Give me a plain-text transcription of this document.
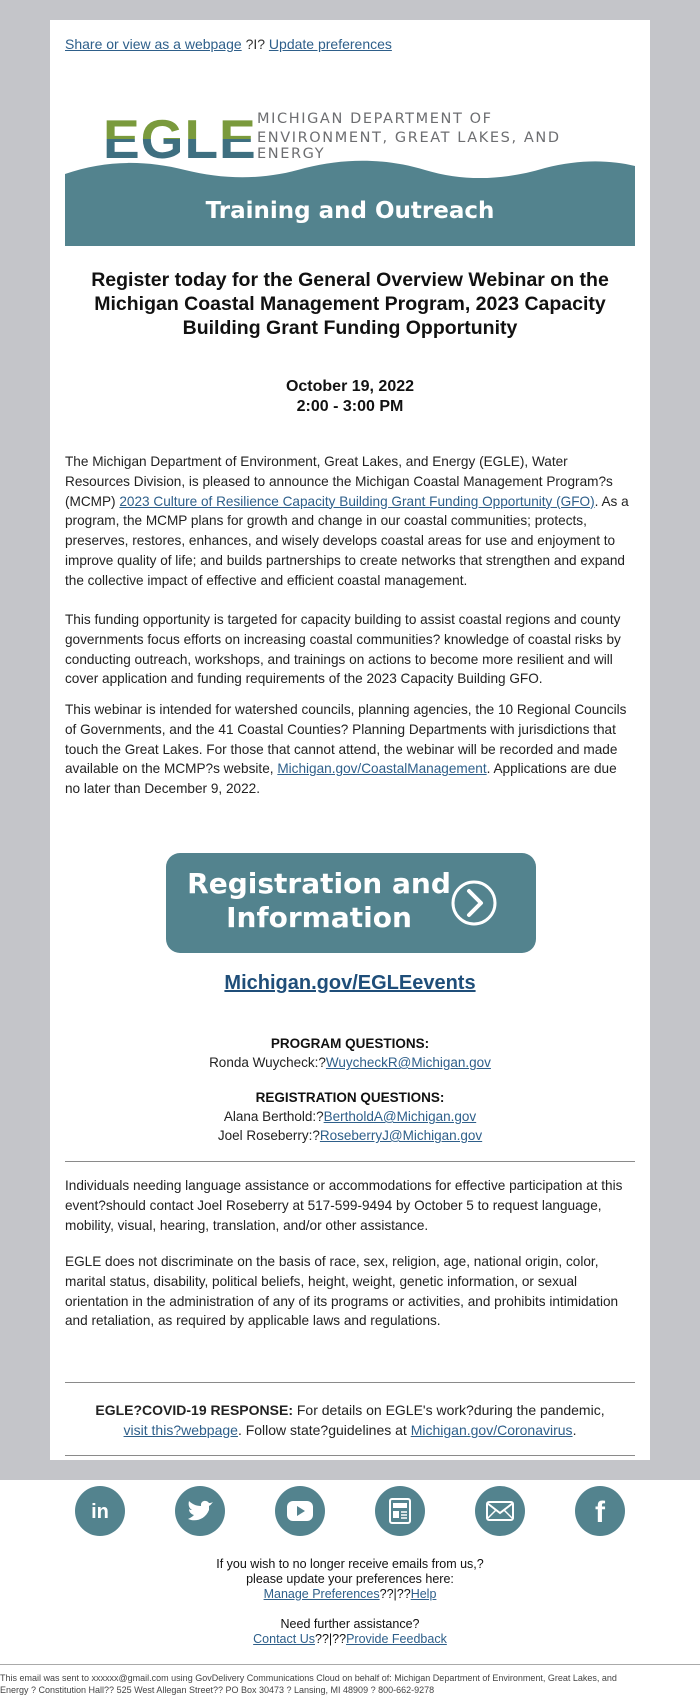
Share or view as a webpage ?I? Update preferences
EGLE MICHIGAN DEPARTMENT OF
ENVIRONMENT, GREAT LAKES, AND ENERGY
Training and Outreach
Register today for the General Overview Webinar on the
Michigan Coastal Management Program, 2023 Capacity
Building Grant Funding Opportunity
October 19, 2022
2:00 - 3:00 PM
The Michigan Department of Environment, Great Lakes, and Energy (EGLE), Water Resources Division, is pleased to announce the Michigan Coastal Management Program?s (MCMP) 2023 Culture of Resilience Capacity Building Grant Funding Opportunity (GFO). As a program, the MCMP plans for growth and change in our coastal communities; protects, preserves, restores, enhances, and wisely develops coastal areas for use and enjoyment to improve quality of life; and builds partnerships to create networks that strengthen and expand the collective impact of effective and efficient coastal management.
This funding opportunity is targeted for capacity building to assist coastal regions and county governments focus efforts on increasing coastal communities? knowledge of coastal risks by conducting outreach, workshops, and trainings on actions to become more resilient and will cover application and funding requirements of the 2023 Capacity Building GFO.
This webinar is intended for watershed councils, planning agencies, the 10 Regional Councils of Governments, and the 41 Coastal Counties? Planning Departments with jurisdictions that touch the Great Lakes. For those that cannot attend, the webinar will be recorded and made available on the MCMP?s website, Michigan.gov/CoastalManagement. Applications are due no later than December 9, 2022.
Registration and
Information
Michigan.gov/EGLEevents
PROGRAM QUESTIONS:
Ronda Wuycheck:?WuycheckR@Michigan.gov
REGISTRATION QUESTIONS:
Alana Berthold:?BertholdA@Michigan.gov
Joel Roseberry:?RoseberryJ@Michigan.gov
Individuals needing language assistance or accommodations for effective participation at this event?should contact Joel Roseberry at 517-599-9494 by October 5 to request language, mobility, visual, hearing, translation, and/or other assistance.
EGLE does not discriminate on the basis of race, sex, religion, age, national origin, color, marital status, disability, political beliefs, height, weight, genetic information, or sexual orientation in the administration of any of its programs or activities, and prohibits intimidation and retaliation, as required by applicable laws and regulations.
EGLE?COVID-19 RESPONSE: For details on EGLE's work?during the pandemic,
visit this?webpage. Follow state?guidelines at Michigan.gov/Coronavirus.
in	f
If you wish to no longer receive emails from us,?
please update your preferences here:
Manage Preferences??|??Help
Need further assistance?
Contact Us??|??Provide Feedback
This email was sent to xxxxxx@gmail.com using GovDelivery Communications Cloud on behalf of: Michigan Department of Environment, Great Lakes, and
Energy ? Constitution Hall?? 525 West Allegan Street?? PO Box 30473 ? Lansing, MI 48909 ? 800-662-9278
